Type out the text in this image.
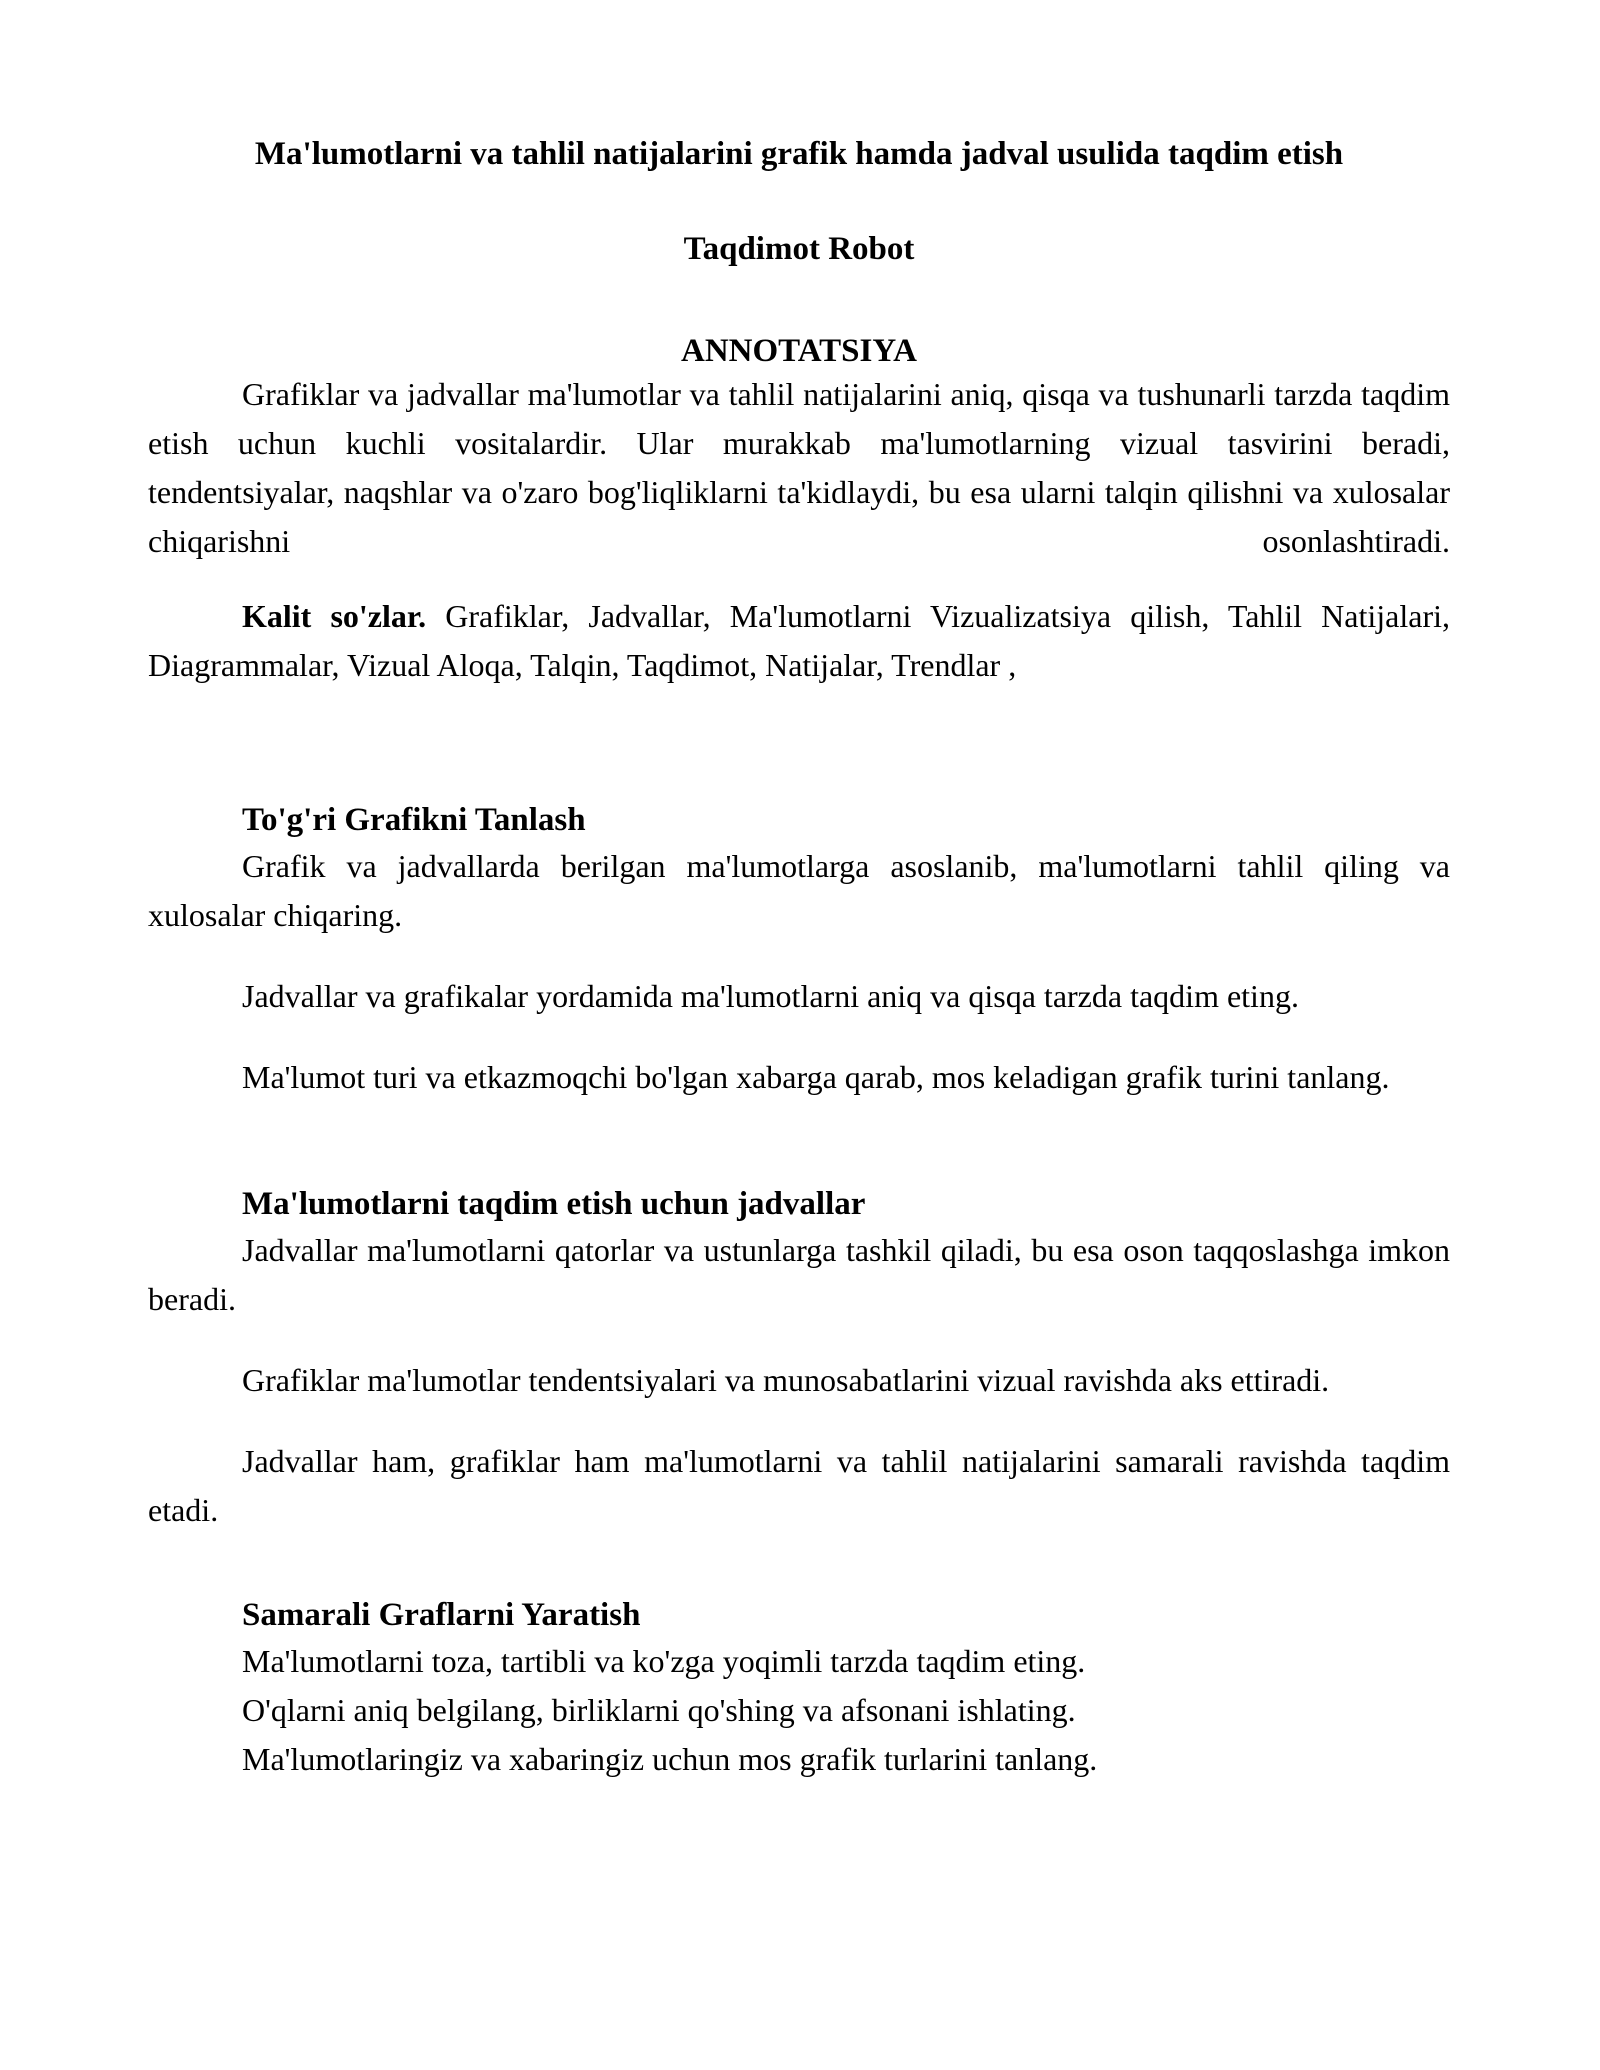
Ma'lumotlarni va tahlil natijalarini grafik hamda jadval usulida taqdim etish
Taqdimot Robot
ANNOTATSIYA

Grafiklar va jadvallar ma'lumotlar va tahlil natijalarini aniq, qisqa va tushunarli tarzda taqdim etish uchun kuchli vositalardir. Ular murakkab ma'lumotlarning vizual tasvirini beradi, tendentsiyalar, naqshlar va o'zaro bog'liqliklarni ta'kidlaydi, bu esa ularni talqin qilishni va xulosalar chiqarishni osonlashtiradi.

Kalit so'zlar. Grafiklar, Jadvallar, Ma'lumotlarni Vizualizatsiya qilish, Tahlil Natijalari, Diagrammalar, Vizual Aloqa, Talqin, Taqdimot, Natijalar, Trendlar ,

To'g'ri Grafikni Tanlash

Grafik va jadvallarda berilgan ma'lumotlarga asoslanib, ma'lumotlarni tahlil qiling va xulosalar chiqaring.

Jadvallar va grafikalar yordamida ma'lumotlarni aniq va qisqa tarzda taqdim eting.

Ma'lumot turi va etkazmoqchi bo'lgan xabarga qarab, mos keladigan grafik turini tanlang.

Ma'lumotlarni taqdim etish uchun jadvallar

Jadvallar ma'lumotlarni qatorlar va ustunlarga tashkil qiladi, bu esa oson taqqoslashga imkon beradi.

Grafiklar ma'lumotlar tendentsiyalari va munosabatlarini vizual ravishda aks ettiradi.

Jadvallar ham, grafiklar ham ma'lumotlarni va tahlil natijalarini samarali ravishda taqdim etadi.

Samarali Graflarni Yaratish

Ma'lumotlarni toza, tartibli va ko'zga yoqimli tarzda taqdim eting.

O'qlarni aniq belgilang, birliklarni qo'shing va afsonani ishlating.

Ma'lumotlaringiz va xabaringiz uchun mos grafik turlarini tanlang.
